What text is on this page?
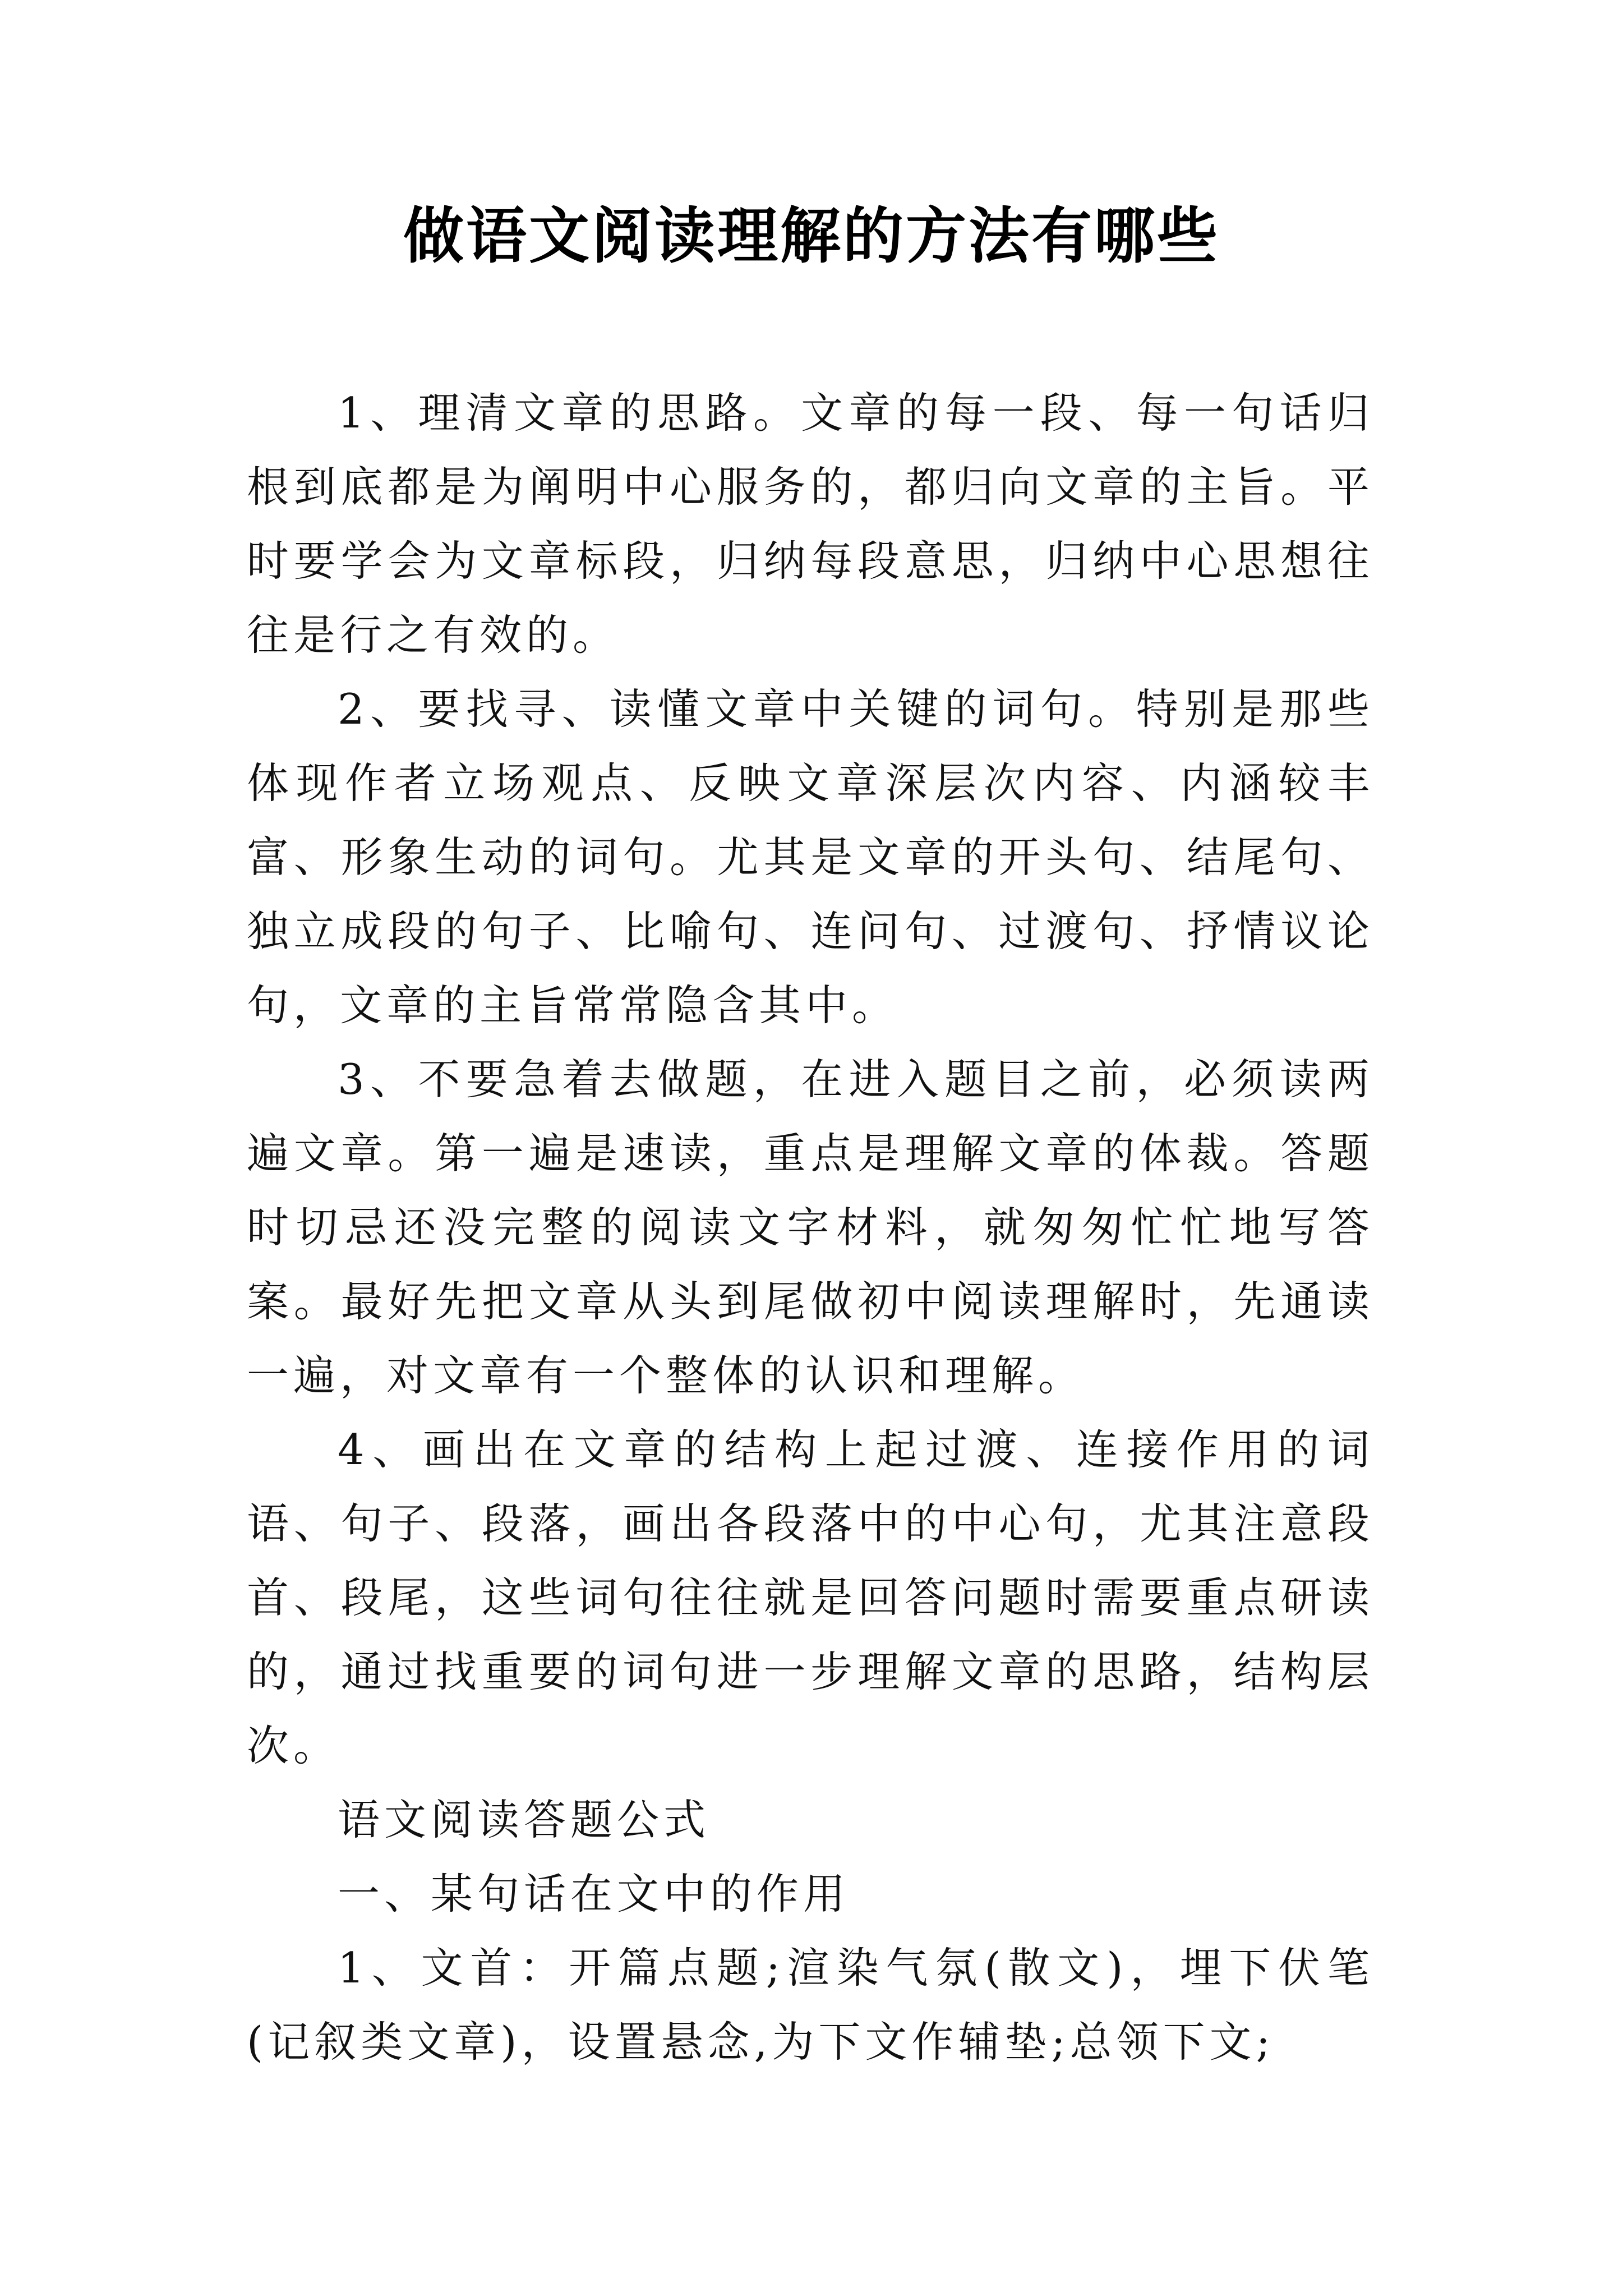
做语文阅读理解的方法有哪些

1、理清文章的思路。文章的每一段、每一句话归根到底都是为阐明中心服务的，都归向文章的主旨。平时要学会为文章标段，归纳每段意思，归纳中心思想往往是行之有效的。

2、要找寻、读懂文章中关键的词句。特别是那些体现作者立场观点、反映文章深层次内容、内涵较丰富、形象生动的词句。尤其是文章的开头句、结尾句、独立成段的句子、比喻句、连问句、过渡句、抒情议论句，文章的主旨常常隐含其中。

3、不要急着去做题，在进入题目之前，必须读两遍文章。第一遍是速读，重点是理解文章的体裁。答题时切忌还没完整的阅读文字材料，就匆匆忙忙地写答案。最好先把文章从头到尾做初中阅读理解时，先通读一遍，对文章有一个整体的认识和理解。

4、画出在文章的结构上起过渡、连接作用的词语、句子、段落，画出各段落中的中心句，尤其注意段首、段尾，这些词句往往就是回答问题时需要重点研读的，通过找重要的词句进一步理解文章的思路，结构层次。

语文阅读答题公式

一、某句话在文中的作用

1、文首：开篇点题;渲染气氛(散文)，埋下伏笔(记叙类文章)，设置悬念,为下文作辅垫;总领下文;
